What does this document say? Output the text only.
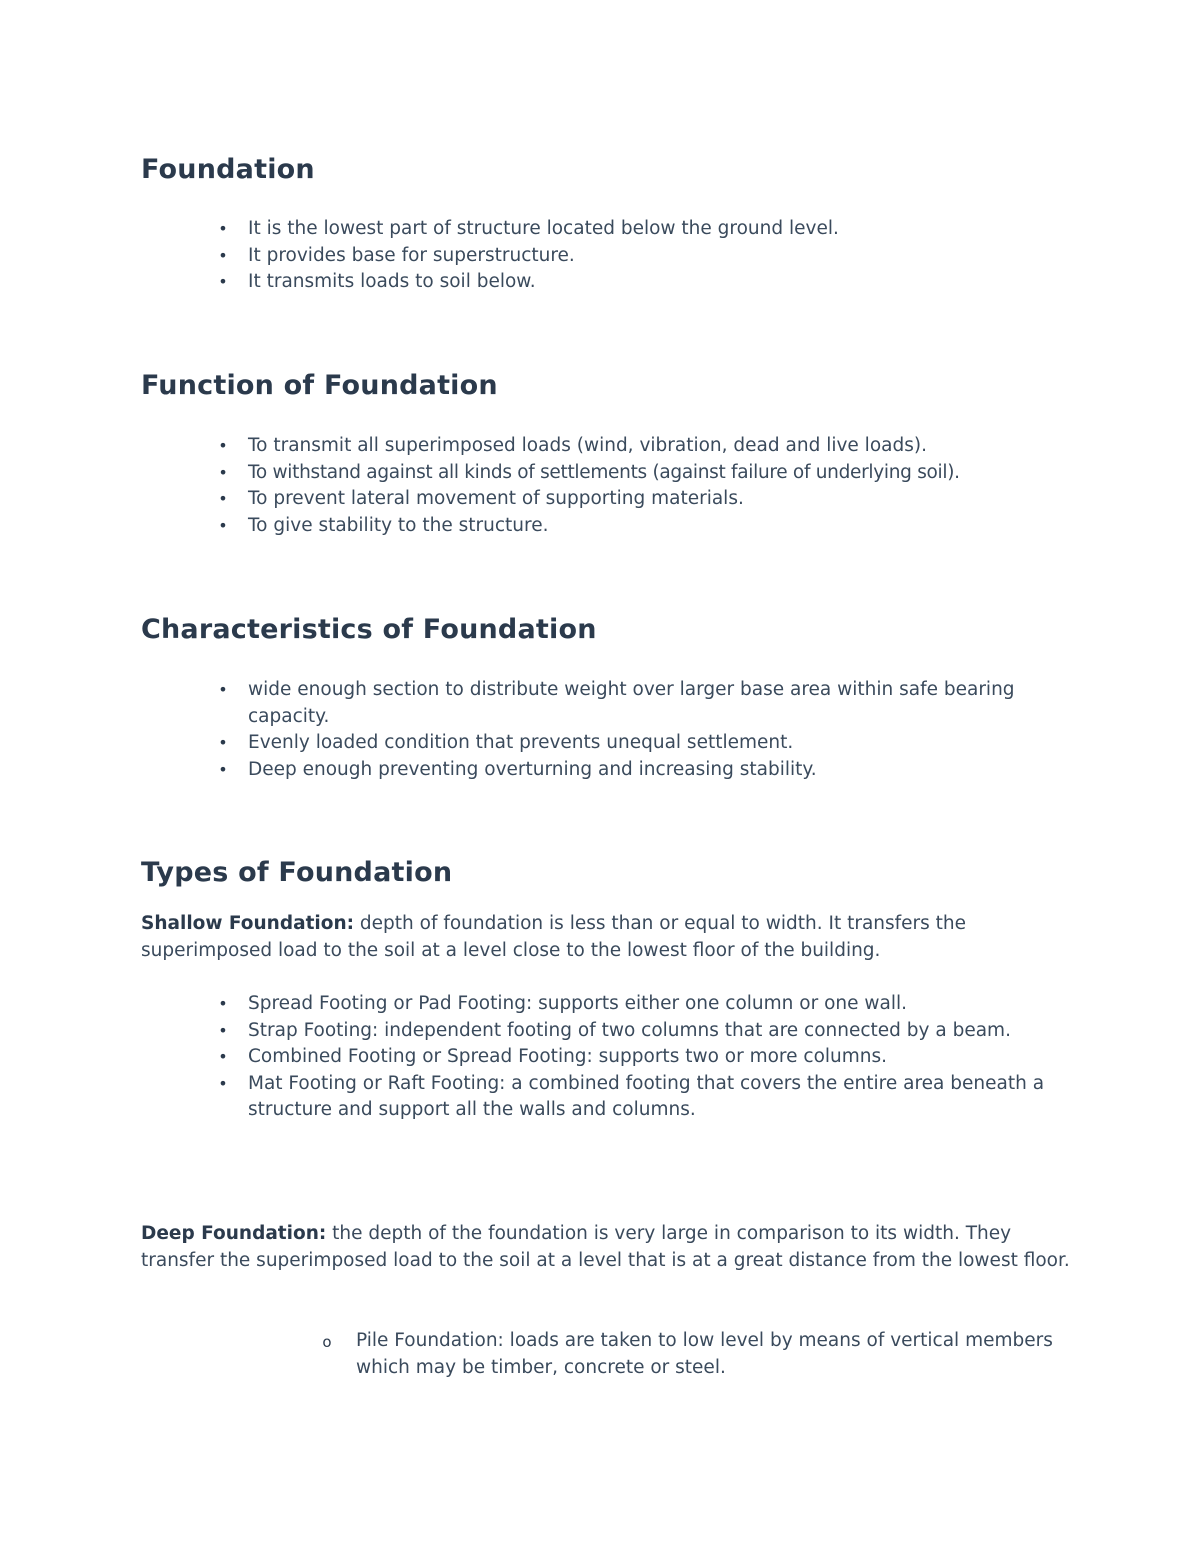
Foundation
• It is the lowest part of structure located below the ground level.
• It provides base for superstructure.
• It transmits loads to soil below.
Function of Foundation
• To transmit all superimposed loads (wind, vibration, dead and live loads).
• To withstand against all kinds of settlements (against failure of underlying soil).
• To prevent lateral movement of supporting materials.
• To give stability to the structure.
Characteristics of Foundation
• wide enough section to distribute weight over larger base area within safe bearing capacity.
• Evenly loaded condition that prevents unequal settlement.
• Deep enough preventing overturning and increasing stability.
Types of Foundation

Shallow Foundation: depth of foundation is less than or equal to width. It transfers the superimposed load to the soil at a level close to the lowest floor of the building.

• Spread Footing or Pad Footing: supports either one column or one wall.
• Strap Footing: independent footing of two columns that are connected by a beam.
• Combined Footing or Spread Footing: supports two or more columns.
• Mat Footing or Raft Footing: a combined footing that covers the entire area beneath a structure and support all the walls and columns.

Deep Foundation: the depth of the foundation is very large in comparison to its width. They transfer the superimposed load to the soil at a level that is at a great distance from the lowest floor.

o Pile Foundation: loads are taken to low level by means of vertical members which may be timber, concrete or steel.
